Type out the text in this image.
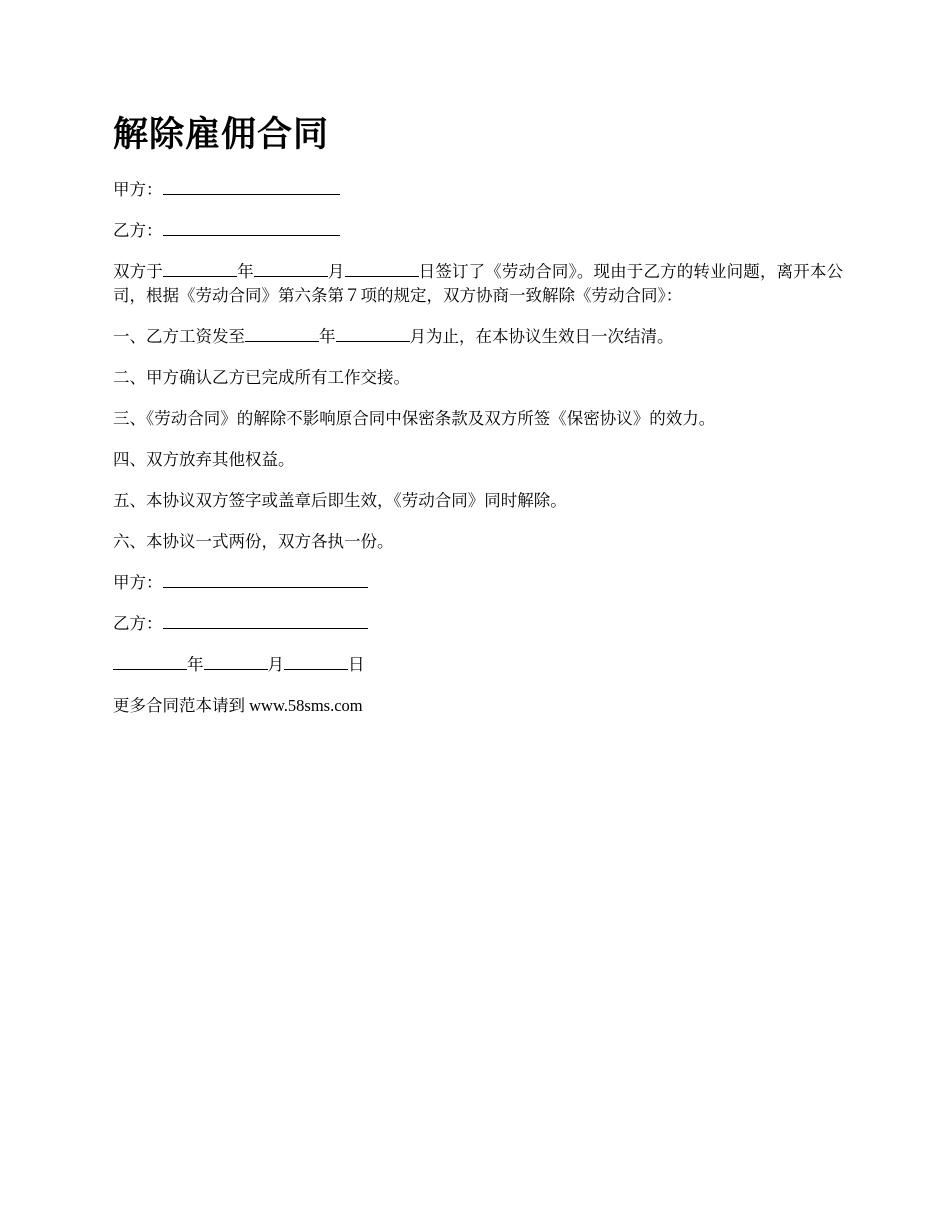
解除雇佣合同
甲方：
乙方：
双方于	年	月	日签订了《劳动合同》。现由于乙方的转业问题，离开本公司，根据《劳动合同》第六条第７项的规定，双方协商一致解除《劳动合同》：
一、乙方工资发至	年	月为止，在本协议生效日一次结清。
二、甲方确认乙方已完成所有工作交接。
三、《劳动合同》的解除不影响原合同中保密条款及双方所签《保密协议》的效力。
四、双方放弃其他权益。
五、本协议双方签字或盖章后即生效，《劳动合同》同时解除。
六、本协议一式两份，双方各执一份。
甲方：
乙方：
年	月	日
更多合同范本请到 www.58sms.com
